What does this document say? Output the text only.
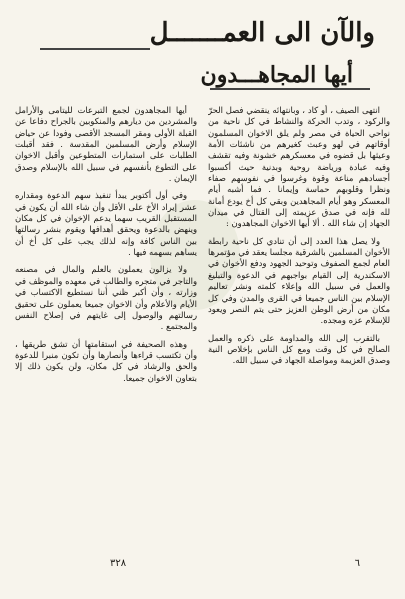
والآن الى العمـــــــل
أيها المجاهـــدون

أيها المجاهدون لجمع التبرعات لليتامى والأرامل والمشردين من ديارهم والمنكوبين بالجراح دفاعا عن القبلة الأولى ومقر المسجد الأقصى وفودا عن حياض الإسلام وأرض المسلمين المقدسة . فقد أقبلت الطلبات على استمارات المتطوعين وأقبل الاخوان على التطوع بأنفسهم في سبيل الله بالإسلام وصدق الإيمان .

وفي أول أكتوبر يبدأ تنفيذ سهم الدعوة ومقداره عشر إيراد الأخ على الأقل وأن شاء الله أن يكون في المستقبل القريب سهما يدعم الإخوان في كل مكان وينهض بالدعوة ويحقق أهدافها ويقوم بنشر رسالتها بين الناس كافة وإنه لذلك يجب على كل أخ أن يساهم بسهمه فيها .

ولا يزالون يعملون بالعلم والمال في مصنعه والتاجر في متجره والطالب في معهده والموظف في وزارته ، وأن أكبر ظني أننا نستطيع الاكتساب في الأيام والأعلام وأن الاخوان جميعا يعملون على تحقيق رسالتهم والوصول إلى غايتهم في إصلاح النفس والمجتمع .

وهذه الصحيفة في استقامتها أن تشق طريقها ، وأن تكتسب قراءها وأنصارها وأن تكون منبرا للدعوة والحق والرشاد في كل مكان، ولن يكون ذلك إلا بتعاون الاخوان جميعا.

انتهى الصيف ، أو كاد ، وبانتهائه ينقضي فصل الحرّ والركود ، وتدب الحركة والنشاط في كل ناحية من نواحي الحياة في مصر ولم يلق الاخوان المسلمون أوقاتهم في لهو وعبث كغيرهم من ناشئات الأمة وعيثها بل قضوه في معسكرهم خشونة وفيه تقشف وفيه عبادة ورياضة روحية وبدنية حيث أكسبوا أجسادهم مناعة وقوة وغرسوا في نفوسهم صفاء ونظرا وقلوبهم حماسة وإيمانا . فما أشبه أيام المعسكر وهو أيام المجاهدين وبقي كل أخ يودع أمانة لله فإنه في صدق عزيمته إلى القتال في ميدان الجهاد إن شاء الله . ألا أيها الاخوان المجاهدون :

ولا يصل هذا العدد إلى أن تنادي كل ناحية رابطة الأخوان المسلمين بالشرقية مجلسا يعقد في مؤتمرها العام لجمع الصفوف وتوحيد الجهود ودفع الأخوان في الاسكندرية إلى القيام بواجبهم في الدعوة والتبليغ والعمل في سبيل الله وإعلاء كلمته ونشر تعاليم الإسلام بين الناس جميعا في القرى والمدن وفي كل مكان من أرض الوطن العزيز حتى يتم النصر ويعود للإسلام عزه ومجده.

بالتقرب إلى الله والمداومة على ذكره والعمل الصالح في كل وقت ومع كل الناس بإخلاص النية وصدق العزيمة ومواصلة الجهاد في سبيل الله.

٣٢٨	٦
